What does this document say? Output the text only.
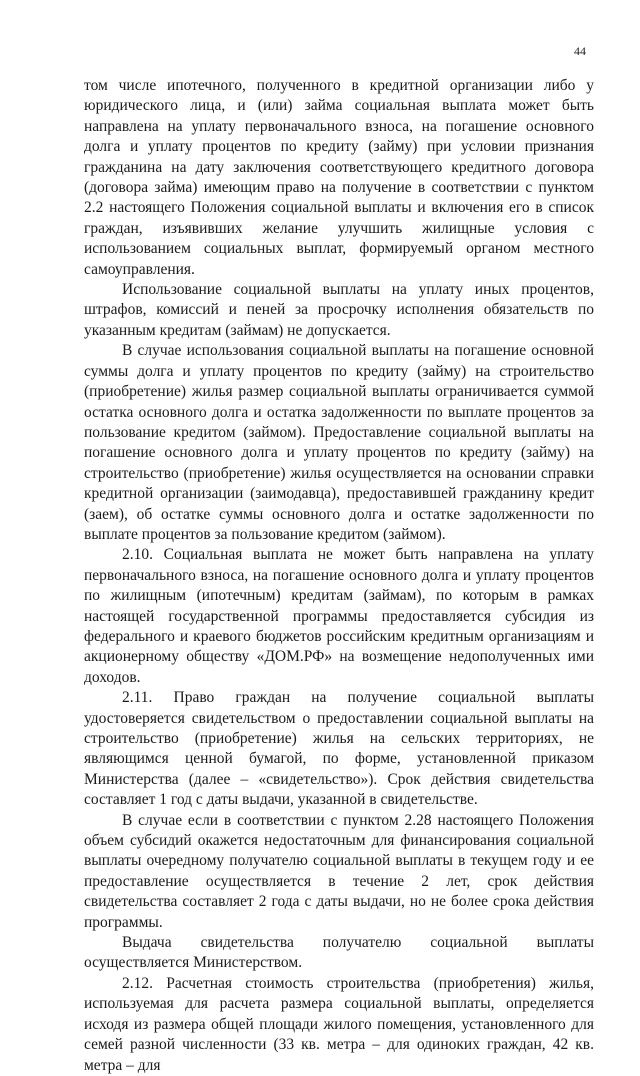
44

том числе ипотечного, полученного в кредитной организации либо у юридического лица, и (или) займа социальная выплата может быть направлена на уплату первоначального взноса, на погашение основного долга и уплату процентов по кредиту (займу) при условии признания гражданина на дату заключения соответствующего кредитного договора (договора займа) имеющим право на получение в соответствии с пунктом 2.2 настоящего Положения социальной выплаты и включения его в список граждан, изъявивших желание улучшить жилищные условия с использованием социальных выплат, формируемый органом местного самоуправления.

Использование социальной выплаты на уплату иных процентов, штрафов, комиссий и пеней за просрочку исполнения обязательств по указанным кредитам (займам) не допускается.

В случае использования социальной выплаты на погашение основной суммы долга и уплату процентов по кредиту (займу) на строительство (приобретение) жилья размер социальной выплаты ограничивается суммой остатка основного долга и остатка задолженности по выплате процентов за пользование кредитом (займом). Предоставление социальной выплаты на погашение основного долга и уплату процентов по кредиту (займу) на строительство (приобретение) жилья осуществляется на основании справки кредитной организации (заимодавца), предоставившей гражданину кредит (заем), об остатке суммы основного долга и остатке задолженности по выплате процентов за пользование кредитом (займом).

2.10. Социальная выплата не может быть направлена на уплату первоначального взноса, на погашение основного долга и уплату процентов по жилищным (ипотечным) кредитам (займам), по которым в рамках настоящей государственной программы предоставляется субсидия из федерального и краевого бюджетов российским кредитным организациям и акционерному обществу «ДОМ.РФ» на возмещение недополученных ими доходов.

2.11. Право граждан на получение социальной выплаты удостоверяется свидетельством о предоставлении социальной выплаты на строительство (приобретение) жилья на сельских территориях, не являющимся ценной бумагой, по форме, установленной приказом Министерства (далее – «свидетельство»). Срок действия свидетельства составляет 1 год с даты выдачи, указанной в свидетельстве.

В случае если в соответствии с пунктом 2.28 настоящего Положения объем субсидий окажется недостаточным для финансирования социальной выплаты очередному получателю социальной выплаты в текущем году и ее предоставление осуществляется в течение 2 лет, срок действия свидетельства составляет 2 года с даты выдачи, но не более срока действия программы.

Выдача свидетельства получателю социальной выплаты осуществляется Министерством.

2.12. Расчетная стоимость строительства (приобретения) жилья, используемая для расчета размера социальной выплаты, определяется исходя из размера общей площади жилого помещения, установленного для семей разной численности (33 кв. метра – для одиноких граждан, 42 кв. метра – для
